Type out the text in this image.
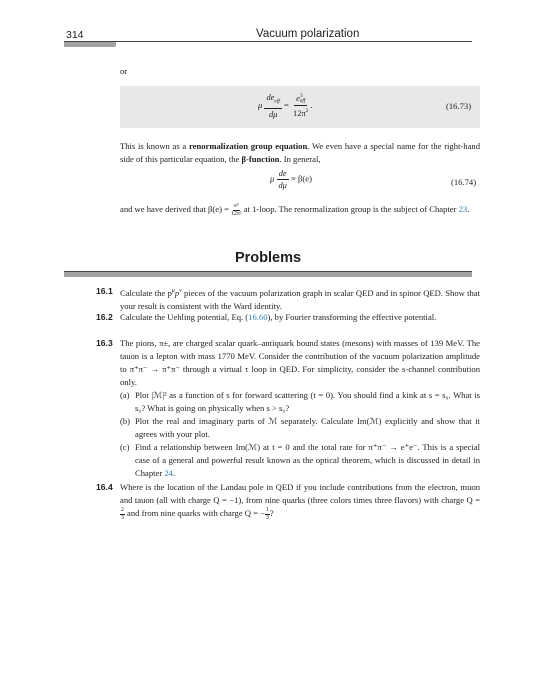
314	Vacuum polarization
or
μ $\frac{de_{eff}}{d\mu} = e$ 3
eff
$12\pi^2$ .	(16.73)
This is known as a renormalization group equation. We even have a special name for the right-hand side of this particular equation, the β-function. In general,
μ $\frac{de}{d\mu} \equiv \beta(e)$	(16.74)
and we have derived that $\beta(e) = \frac{\text{e³}}{\text{12π²}}$ at 1-loop. The renormalization group is the subject of Chapter 23.
Problems
16.1 Calculate the $p^\mu p^\nu$ pieces of the vacuum polarization graph in scalar QED and in spinor QED. Show that your result is consistent with the Ward identity.
16.2 Calculate the Uehling potential, Eq. (16.60), by Fourier transforming the effective potential.
16.3 The pions, π±, are charged scalar quark–antiquark bound states (mesons) with masses of 139 MeV. The tauon is a lepton with mass 1770 MeV. Consider the contribution of the vacuum polarization amplitude to π⁺π⁻ → π⁺π⁻ through a virtual τ loop in QED. For simplicity, consider the s-channel contribution only.
(a) Plot |ℳ|² as a function of s for forward scattering (t = 0). You should find a kink at s = s₀. What is s₀? What is going on physically when s > s₀?
(b) Plot the real and imaginary parts of ℳ separately. Calculate Im(ℳ) explicitly and show that it agrees with your plot.
(c) Find a relationship between Im(ℳ) at t = 0 and the total rate for π⁺π⁻ → e⁺e⁻. This is a special case of a general and powerful result known as the optical theorem, which is discussed in detail in Chapter 24.
16.4 Where is the location of the Landau pole in QED if you include contributions from the electron, muon and tauon (all with charge Q = −1), from nine quarks (three colors times three flavors) with charge Q =
$\frac{2}{3}$ and from nine quarks with charge Q = − $\frac{1}{3}$ ?
